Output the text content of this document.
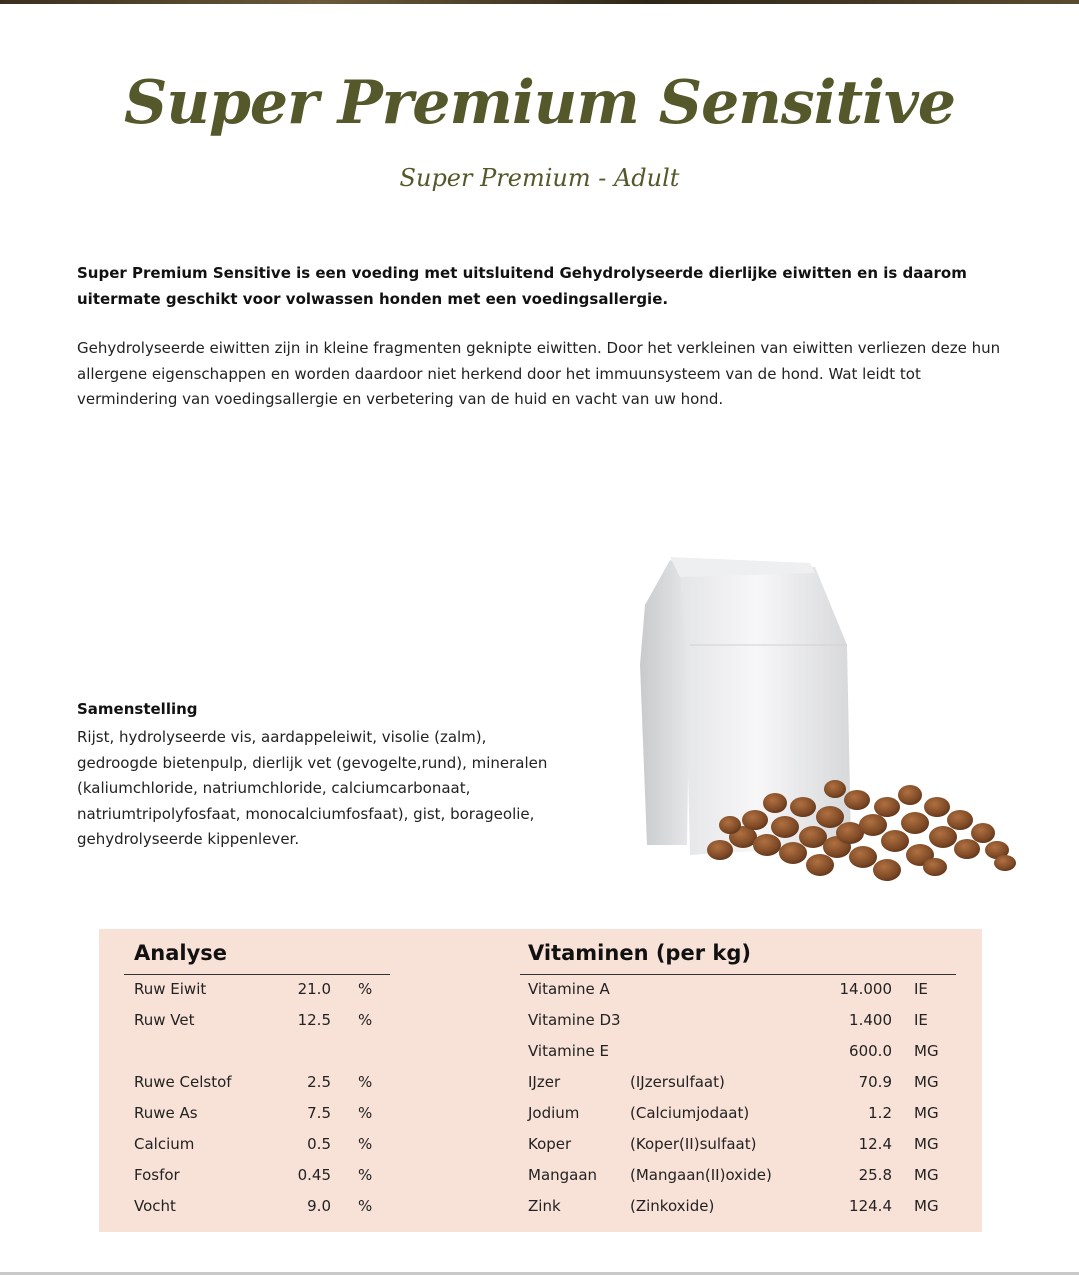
Super Premium Sensitive
Super Premium - Adult
Super Premium Sensitive is een voeding met uitsluitend Gehydrolyseerde dierlijke eiwitten en is daarom uitermate geschikt voor volwassen honden met een voedingsallergie.
Gehydrolyseerde eiwitten zijn in kleine fragmenten geknipte eiwitten. Door het verkleinen van eiwitten verliezen deze hun allergene eigenschappen en worden daardoor niet herkend door het immuunsysteem van de hond. Wat leidt tot vermindering van voedingsallergie en verbetering van de huid en vacht van uw hond.
Samenstelling
Rijst, hydrolyseerde vis, aardappeleiwit, visolie (zalm), gedroogde bietenpulp, dierlijk vet (gevogelte,rund), mineralen (kaliumchloride, natriumchloride, calciumcarbonaat, natriumtripolyfosfaat, monocalciumfosfaat), gist, borageolie, gehydrolyseerde kippenlever.
Analyse
Ruw Eiwit	21.0 %
Ruw Vet	12.5 %
Ruwe Celstof	2.5 %
Ruwe As	7.5 %
Calcium	0.5 %
Fosfor	0.45 %
Vocht	9.0 %
Vitaminen (per kg)
Vitamine A	14.000 IE
Vitamine D3	1.400 IE
Vitamine E	600.0 MG
IJzer	(IJzersulfaat)	70.9 MG
Jodium	(Calciumjodaat)	1.2 MG
Koper	(Koper(II)sulfaat)	12.4 MG
Mangaan (Mangaan(II)oxide)	25.8 MG
Zink	(Zinkoxide)	124.4 MG
